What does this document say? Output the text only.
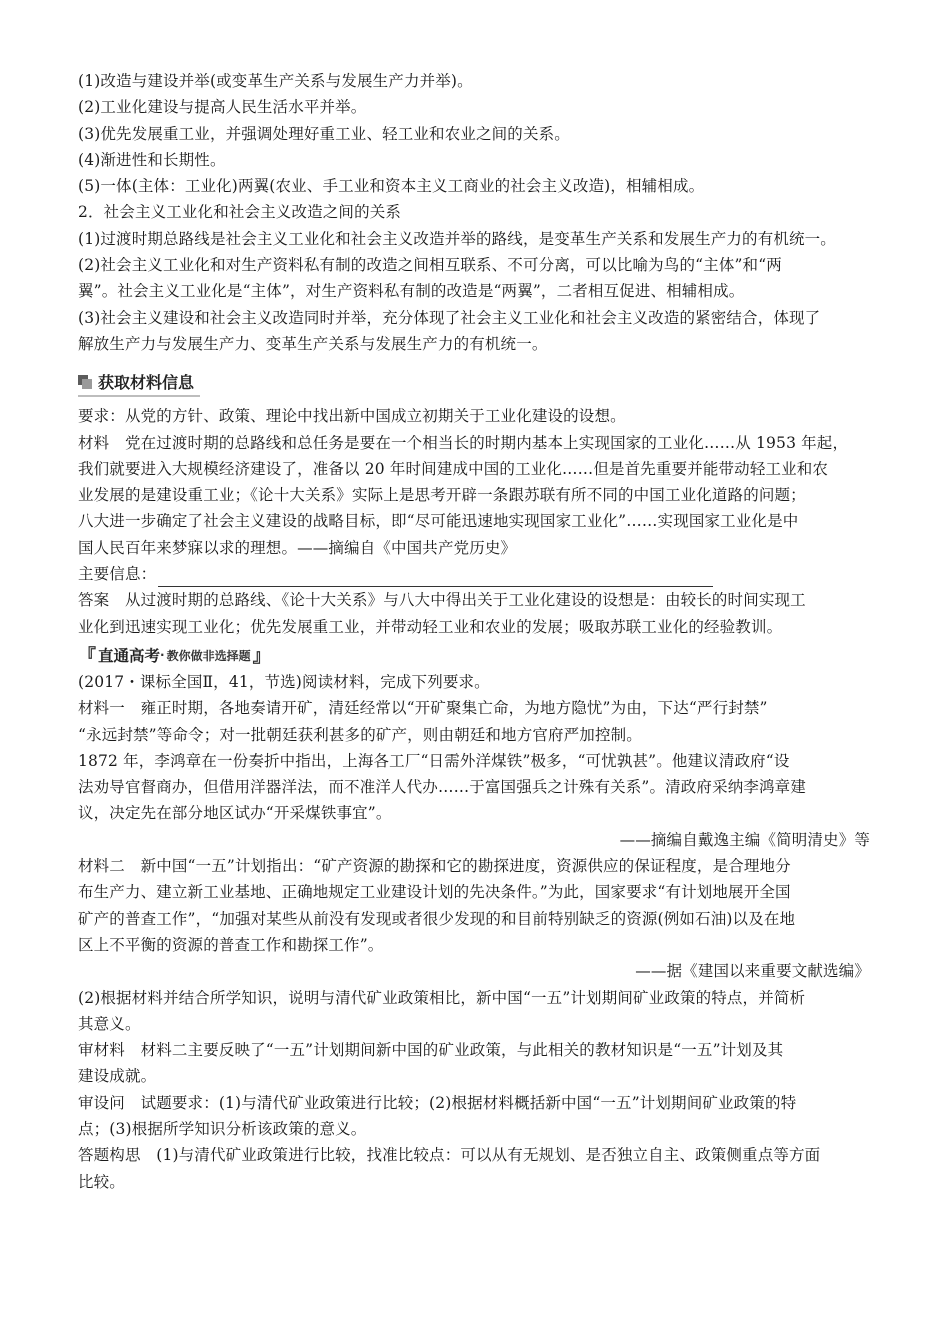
(1)改造与建设并举(或变革生产关系与发展生产力并举)。
(2)工业化建设与提高人民生活水平并举。
(3)优先发展重工业，并强调处理好重工业、轻工业和农业之间的关系。
(4)渐进性和长期性。
(5)一体(主体：工业化)两翼(农业、手工业和资本主义工商业的社会主义改造)，相辅相成。
2．社会主义工业化和社会主义改造之间的关系
(1)过渡时期总路线是社会主义工业化和社会主义改造并举的路线，是变革生产关系和发展生产力的有机统一。
(2)社会主义工业化和对生产资料私有制的改造之间相互联系、不可分离，可以比喻为鸟的“主体”和“两
翼”。社会主义工业化是“主体”，对生产资料私有制的改造是“两翼”，二者相互促进、相辅相成。
(3)社会主义建设和社会主义改造同时并举，充分体现了社会主义工业化和社会主义改造的紧密结合，体现了
解放生产力与发展生产力、变革生产关系与发展生产力的有机统一。
获取材料信息
要求：从党的方针、政策、理论中找出新中国成立初期关于工业化建设的设想。
材料　党在过渡时期的总路线和总任务是要在一个相当长的时期内基本上实现国家的工业化……从 1953 年起，
我们就要进入大规模经济建设了，准备以 20 年时间建成中国的工业化……但是首先重要并能带动轻工业和农
业发展的是建设重工业；《论十大关系》实际上是思考开辟一条跟苏联有所不同的中国工业化道路的问题；
八大进一步确定了社会主义建设的战略目标，即“尽可能迅速地实现国家工业化”……实现国家工业化是中
国人民百年来梦寐以求的理想。——摘编自《中国共产党历史》
主要信息：
答案　从过渡时期的总路线、《论十大关系》与八大中得出关于工业化建设的设想是：由较长的时间实现工
业化到迅速实现工业化；优先发展重工业，并带动轻工业和农业的发展；吸取苏联工业化的经验教训。
『 直通高考 · 教你做非选择题 』
(2017・课标全国Ⅱ，41，节选)阅读材料，完成下列要求。
材料一　雍正时期，各地奏请开矿，清廷经常以“开矿聚集亡命，为地方隐忧”为由，下达“严行封禁”
“永远封禁”等命令；对一批朝廷获利甚多的矿产，则由朝廷和地方官府严加控制。
1872 年，李鸿章在一份奏折中指出，上海各工厂“日需外洋煤铁”极多，“可忧孰甚”。他建议清政府“设
法劝导官督商办，但借用洋器洋法，而不准洋人代办……于富国强兵之计殊有关系”。清政府采纳李鸿章建
议，决定先在部分地区试办“开采煤铁事宜”。
——摘编自戴逸主编《简明清史》等
材料二　新中国“一五”计划指出：“矿产资源的勘探和它的勘探进度，资源供应的保证程度，是合理地分
布生产力、建立新工业基地、正确地规定工业建设计划的先决条件。”为此，国家要求“有计划地展开全国
矿产的普查工作”，“加强对某些从前没有发现或者很少发现的和目前特别缺乏的资源(例如石油)以及在地
区上不平衡的资源的普查工作和勘探工作”。
——据《建国以来重要文献选编》
(2)根据材料并结合所学知识，说明与清代矿业政策相比，新中国“一五”计划期间矿业政策的特点，并简析
其意义。
审材料　材料二主要反映了“一五”计划期间新中国的矿业政策，与此相关的教材知识是“一五”计划及其
建设成就。
审设问　试题要求：(1)与清代矿业政策进行比较；(2)根据材料概括新中国“一五”计划期间矿业政策的特
点；(3)根据所学知识分析该政策的意义。
答题构思　(1)与清代矿业政策进行比较，找准比较点：可以从有无规划、是否独立自主、政策侧重点等方面
比较。
